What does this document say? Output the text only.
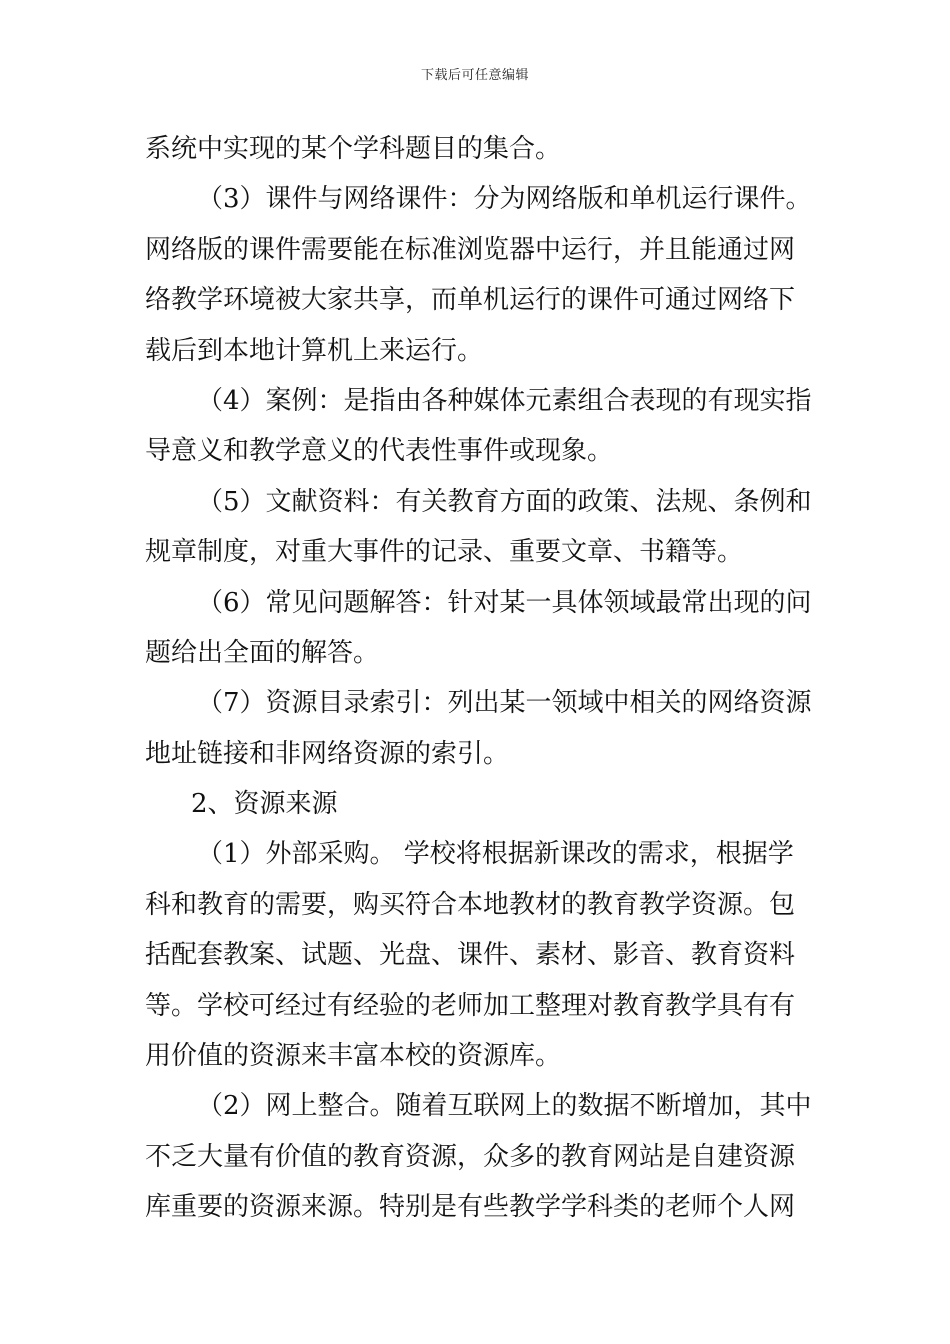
下载后可任意编辑
系统中实现的某个学科题目的集合。
（3）课件与网络课件：分为网络版和单机运行课件。
网络版的课件需要能在标准浏览器中运行，并且能通过网
络教学环境被大家共享，而单机运行的课件可通过网络下
载后到本地计算机上来运行。
（4）案例：是指由各种媒体元素组合表现的有现实指
导意义和教学意义的代表性事件或现象。
（5）文献资料：有关教育方面的政策、法规、条例和
规章制度，对重大事件的记录、重要文章、书籍等。
（6）常见问题解答：针对某一具体领域最常出现的问
题给出全面的解答。
（7）资源目录索引：列出某一领域中相关的网络资源
地址链接和非网络资源的索引。
2、资源来源
（1）外部采购。 学校将根据新课改的需求，根据学
科和教育的需要，购买符合本地教材的教育教学资源。包
括配套教案、试题、光盘、课件、素材、影音、教育资料
等。学校可经过有经验的老师加工整理对教育教学具有有
用价值的资源来丰富本校的资源库。
（2）网上整合。随着互联网上的数据不断增加，其中
不乏大量有价值的教育资源，众多的教育网站是自建资源
库重要的资源来源。特别是有些教学学科类的老师个人网
